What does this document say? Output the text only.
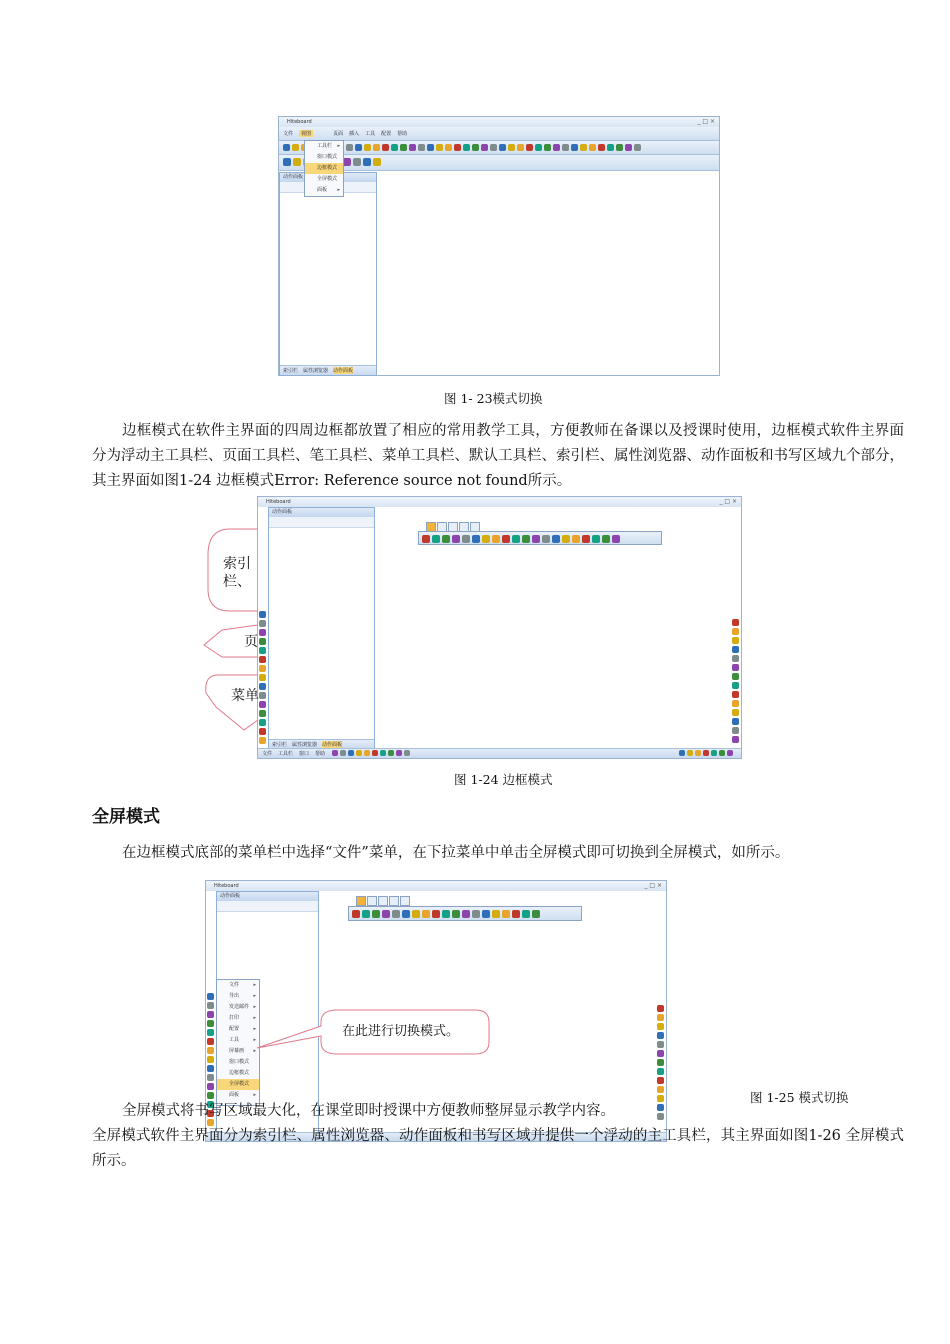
Hiteboard	_ □ ×
文件	视图	页面 插入 工具 配置 帮助
动作面板
索引栏 属性浏览器 动作面板
工具栏 ▸
窗口模式
边框模式
全屏模式
面板 ▸
图 1- 23模式切换
边框模式在软件主界面的四周边框都放置了相应的常用教学工具，方便教师在备课以及授课时使用，边框模式软件主界面分为浮动主工具栏、页面工具栏、笔工具栏、菜单工具栏、默认工具栏、索引栏、属性浏览器、动作面板和书写区域九个部分，其主界面如图1-24 边框模式Error: Reference source not found所示。
Hiteboard	_ □ ×
动作面板
索引栏 属性浏览器 动作面板
文件 工具栏 窗口 帮助
索引栏、
页
菜单
图 1-24 边框模式
全屏模式
在边框模式底部的菜单栏中选择“文件”菜单，在下拉菜单中单击全屏模式即可切换到全屏模式，如所示。
Hiteboard	_ □ ×
动作面板
文件	▸
导出	▸
发送邮件 ▸
打印	▸
配置	▸
工具	▸
屏幕画 ▸
窗口模式
边框模式
全屏模式
面板	▸
在此进行切换模式。
图 1-25 模式切换
全屏模式将书写区域最大化，在课堂即时授课中方便教师整屏显示教学内容。
全屏模式软件主界面分为索引栏、属性浏览器、动作面板和书写区域并提供一个浮动的主工具栏，其主界面如图1-26 全屏模式所示。
